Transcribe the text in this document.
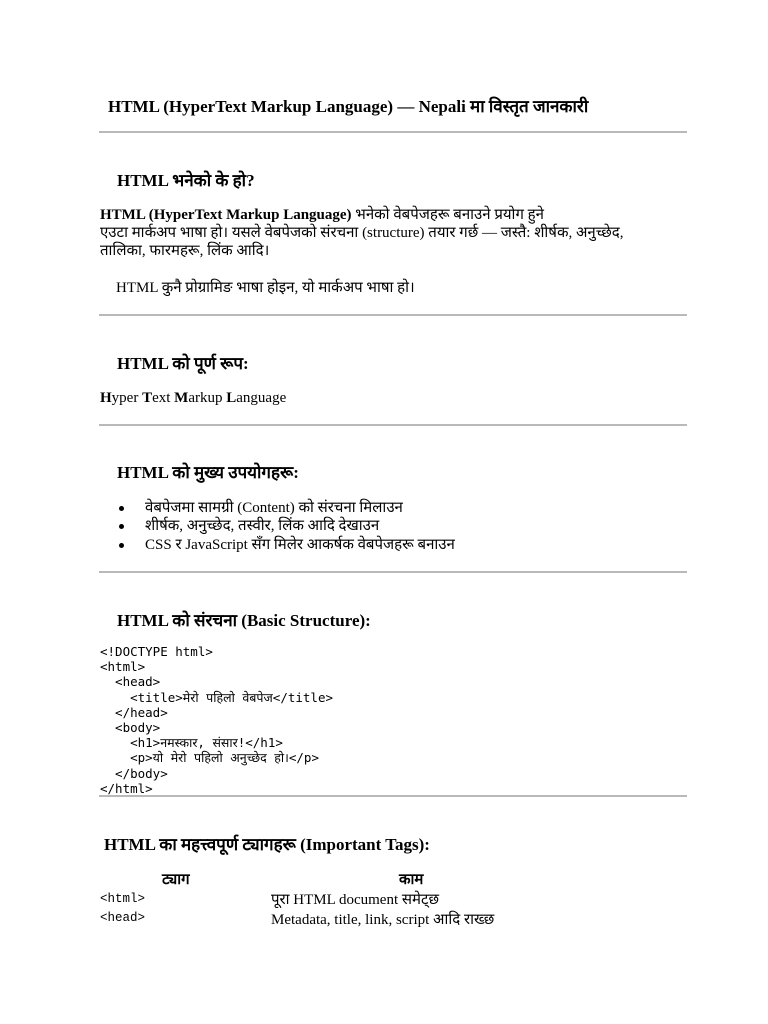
HTML (HyperText Markup Language) — Nepali मा विस्तृत जानकारी
HTML भनेको के हो?
HTML (HyperText Markup Language) भनेको वेबपेजहरू बनाउने प्रयोग हुने
एउटा मार्कअप भाषा हो। यसले वेबपेजको संरचना (structure) तयार गर्छ — जस्तै: शीर्षक, अनुच्छेद,
तालिका, फारमहरू, लिंक आदि।
HTML कुनै प्रोग्रामिङ भाषा होइन, यो मार्कअप भाषा हो।
HTML को पूर्ण रूप:
Hyper Text Markup Language
HTML को मुख्य उपयोगहरू:
वेबपेजमा सामग्री (Content) को संरचना मिलाउन
शीर्षक, अनुच्छेद, तस्वीर, लिंक आदि देखाउन
CSS र JavaScript सँग मिलेर आकर्षक वेबपेजहरू बनाउन
HTML को संरचना (Basic Structure):
<!DOCTYPE html>
<html>
<head>
<title>मेरो पहिलो वेबपेज</title>
</head>
<body>
<h1>नमस्कार, संसार!</h1>
<p>यो मेरो पहिलो अनुच्छेद हो।</p>
</body>
</html>
HTML का महत्त्वपूर्ण ट्यागहरू (Important Tags):
ट्याग	काम
<html>	पूरा HTML document समेट्छ
<head>	Metadata, title, link, script आदि राख्छ
